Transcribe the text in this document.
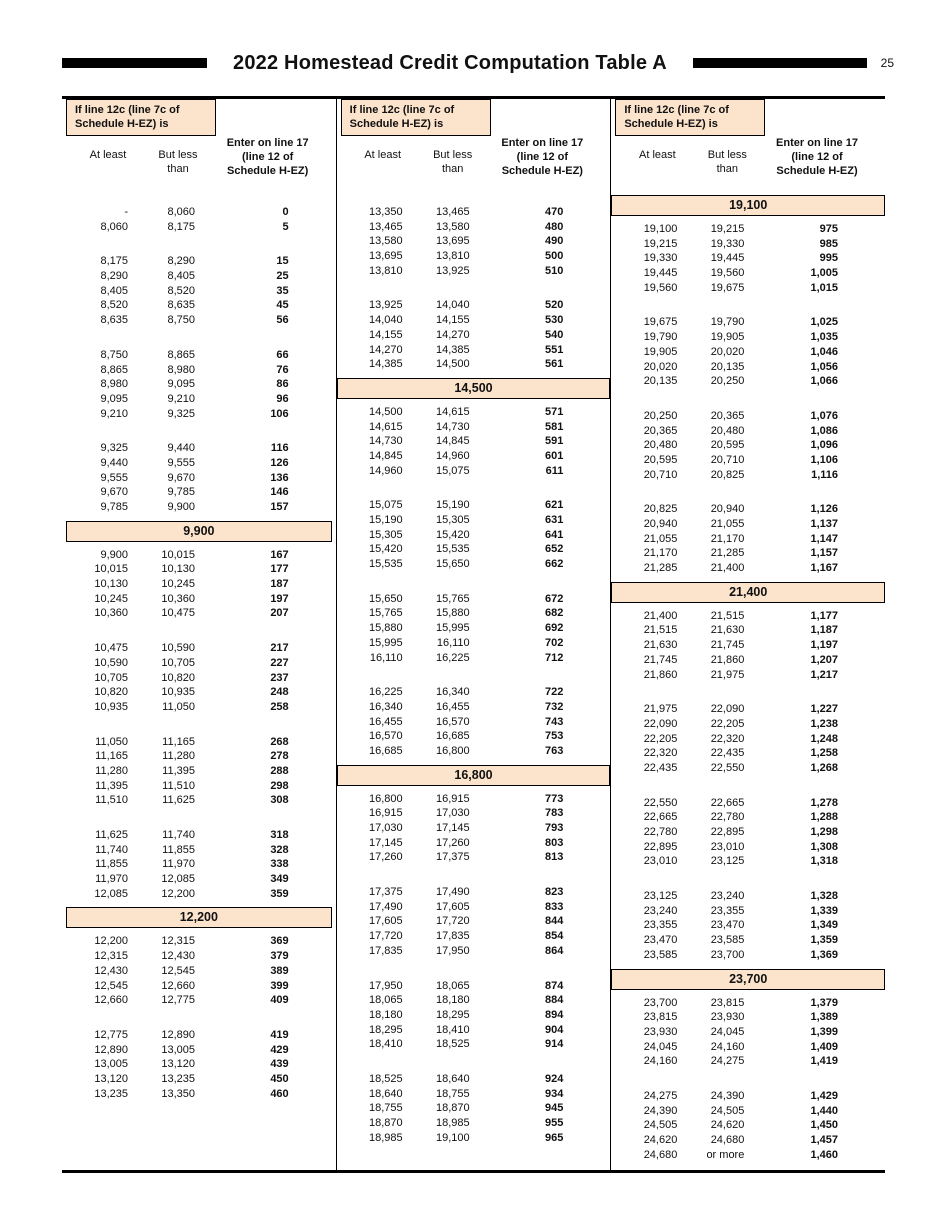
2022 Homestead Credit Computation Table A	25
If line 12c (line 7c of
Schedule H-EZ) is
At least	But less than
Enter on line 17
(line 12 of
Schedule H-EZ)
-	8,060	0
8,060	8,175	5
8,175	8,290	15
8,290	8,405	25
8,405	8,520	35
8,520	8,635	45
8,635	8,750	56
8,750	8,865	66
8,865	8,980	76
8,980	9,095	86
9,095	9,210	96
9,210	9,325	106
9,325	9,440	116
9,440	9,555	126
9,555	9,670	136
9,670	9,785	146
9,785	9,900	157
9,900
9,900	10,015	167
10,015	10,130	177
10,130	10,245	187
10,245	10,360	197
10,360	10,475	207
10,475	10,590	217
10,590	10,705	227
10,705	10,820	237
10,820	10,935	248
10,935	11,050	258
11,050	11,165	268
11,165	11,280	278
11,280	11,395	288
11,395	11,510	298
11,510	11,625	308
11,625	11,740	318
11,740	11,855	328
11,855	11,970	338
11,970	12,085	349
12,085	12,200	359
12,200
12,200	12,315	369
12,315	12,430	379
12,430	12,545	389
12,545	12,660	399
12,660	12,775	409
12,775	12,890	419
12,890	13,005	429
13,005	13,120	439
13,120	13,235	450
13,235	13,350	460
If line 12c (line 7c of
Schedule H-EZ) is
At least	But less than
Enter on line 17
(line 12 of
Schedule H-EZ)
13,350	13,465	470
13,465	13,580	480
13,580	13,695	490
13,695	13,810	500
13,810	13,925	510
13,925	14,040	520
14,040	14,155	530
14,155	14,270	540
14,270	14,385	551
14,385	14,500	561
14,500
14,500	14,615	571
14,615	14,730	581
14,730	14,845	591
14,845	14,960	601
14,960	15,075	611
15,075	15,190	621
15,190	15,305	631
15,305	15,420	641
15,420	15,535	652
15,535	15,650	662
15,650	15,765	672
15,765	15,880	682
15,880	15,995	692
15,995	16,110	702
16,110	16,225	712
16,225	16,340	722
16,340	16,455	732
16,455	16,570	743
16,570	16,685	753
16,685	16,800	763
16,800
16,800	16,915	773
16,915	17,030	783
17,030	17,145	793
17,145	17,260	803
17,260	17,375	813
17,375	17,490	823
17,490	17,605	833
17,605	17,720	844
17,720	17,835	854
17,835	17,950	864
17,950	18,065	874
18,065	18,180	884
18,180	18,295	894
18,295	18,410	904
18,410	18,525	914
18,525	18,640	924
18,640	18,755	934
18,755	18,870	945
18,870	18,985	955
18,985	19,100	965
If line 12c (line 7c of
Schedule H-EZ) is
At least	But less than
Enter on line 17
(line 12 of
Schedule H-EZ)
19,100
19,100	19,215	975
19,215	19,330	985
19,330	19,445	995
19,445	19,560	1,005
19,560	19,675	1,015
19,675	19,790	1,025
19,790	19,905	1,035
19,905	20,020	1,046
20,020	20,135	1,056
20,135	20,250	1,066
20,250	20,365	1,076
20,365	20,480	1,086
20,480	20,595	1,096
20,595	20,710	1,106
20,710	20,825	1,116
20,825	20,940	1,126
20,940	21,055	1,137
21,055	21,170	1,147
21,170	21,285	1,157
21,285	21,400	1,167
21,400
21,400	21,515	1,177
21,515	21,630	1,187
21,630	21,745	1,197
21,745	21,860	1,207
21,860	21,975	1,217
21,975	22,090	1,227
22,090	22,205	1,238
22,205	22,320	1,248
22,320	22,435	1,258
22,435	22,550	1,268
22,550	22,665	1,278
22,665	22,780	1,288
22,780	22,895	1,298
22,895	23,010	1,308
23,010	23,125	1,318
23,125	23,240	1,328
23,240	23,355	1,339
23,355	23,470	1,349
23,470	23,585	1,359
23,585	23,700	1,369
23,700
23,700	23,815	1,379
23,815	23,930	1,389
23,930	24,045	1,399
24,045	24,160	1,409
24,160	24,275	1,419
24,275	24,390	1,429
24,390	24,505	1,440
24,505	24,620	1,450
24,620	24,680	1,457
24,680	or more	1,460
